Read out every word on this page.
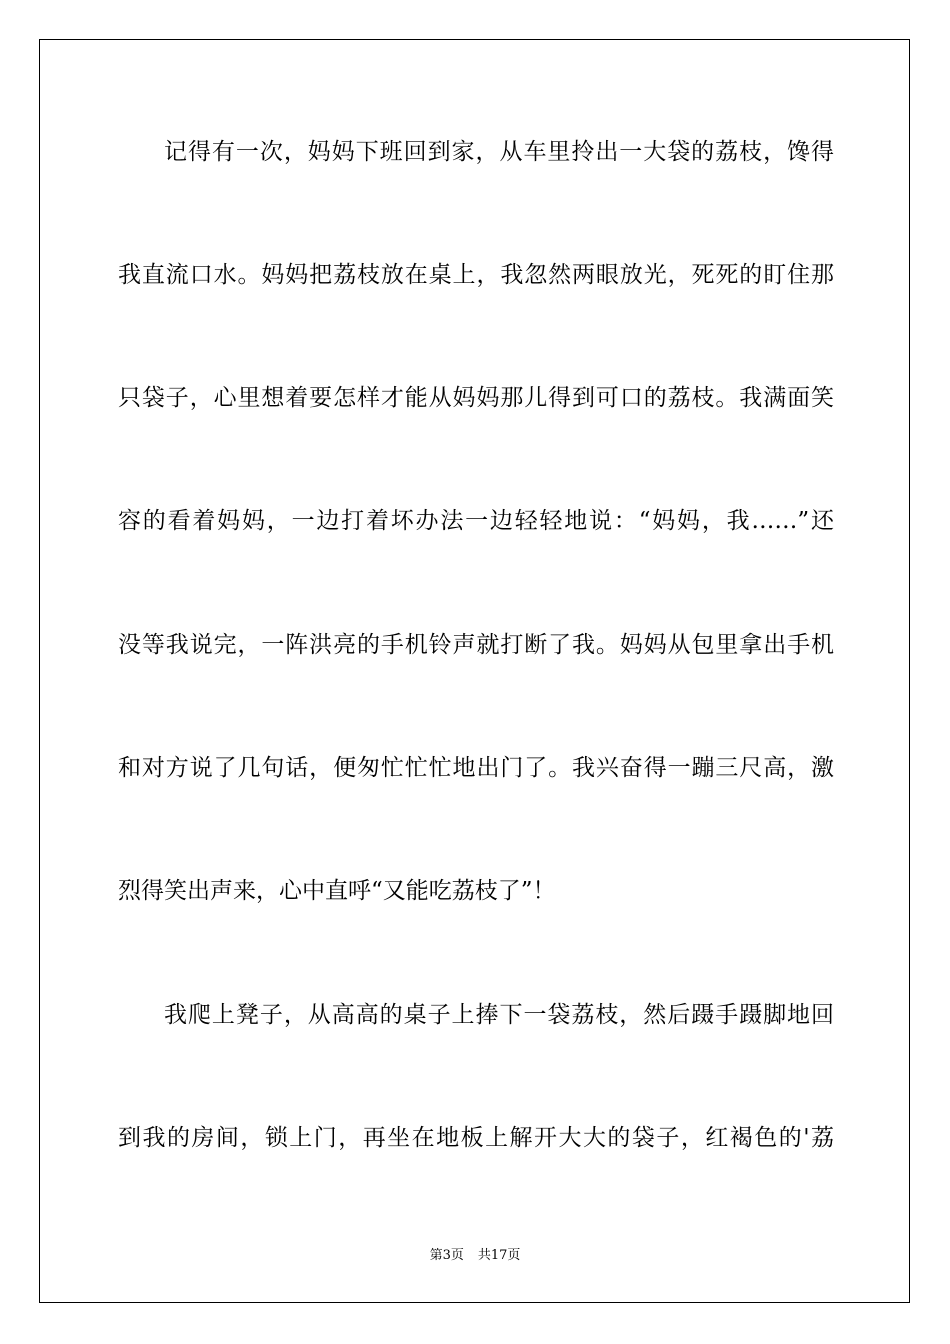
记得有一次，妈妈下班回到家，从车里拎出一大袋的荔枝，馋得
我直流口水。妈妈把荔枝放在桌上，我忽然两眼放光，死死的盯住那
只袋子，心里想着要怎样才能从妈妈那儿得到可口的荔枝。我满面笑
容的看着妈妈，一边打着坏办法一边轻轻地说：“妈妈，我……”还
没等我说完，一阵洪亮的手机铃声就打断了我。妈妈从包里拿出手机
和对方说了几句话，便匆忙忙忙地出门了。我兴奋得一蹦三尺高，激
烈得笑出声来，心中直呼“又能吃荔枝了”！
我爬上凳子，从高高的桌子上捧下一袋荔枝，然后蹑手蹑脚地回
到我的房间，锁上门，再坐在地板上解开大大的袋子，红褐色的'荔
第3页 共17页
